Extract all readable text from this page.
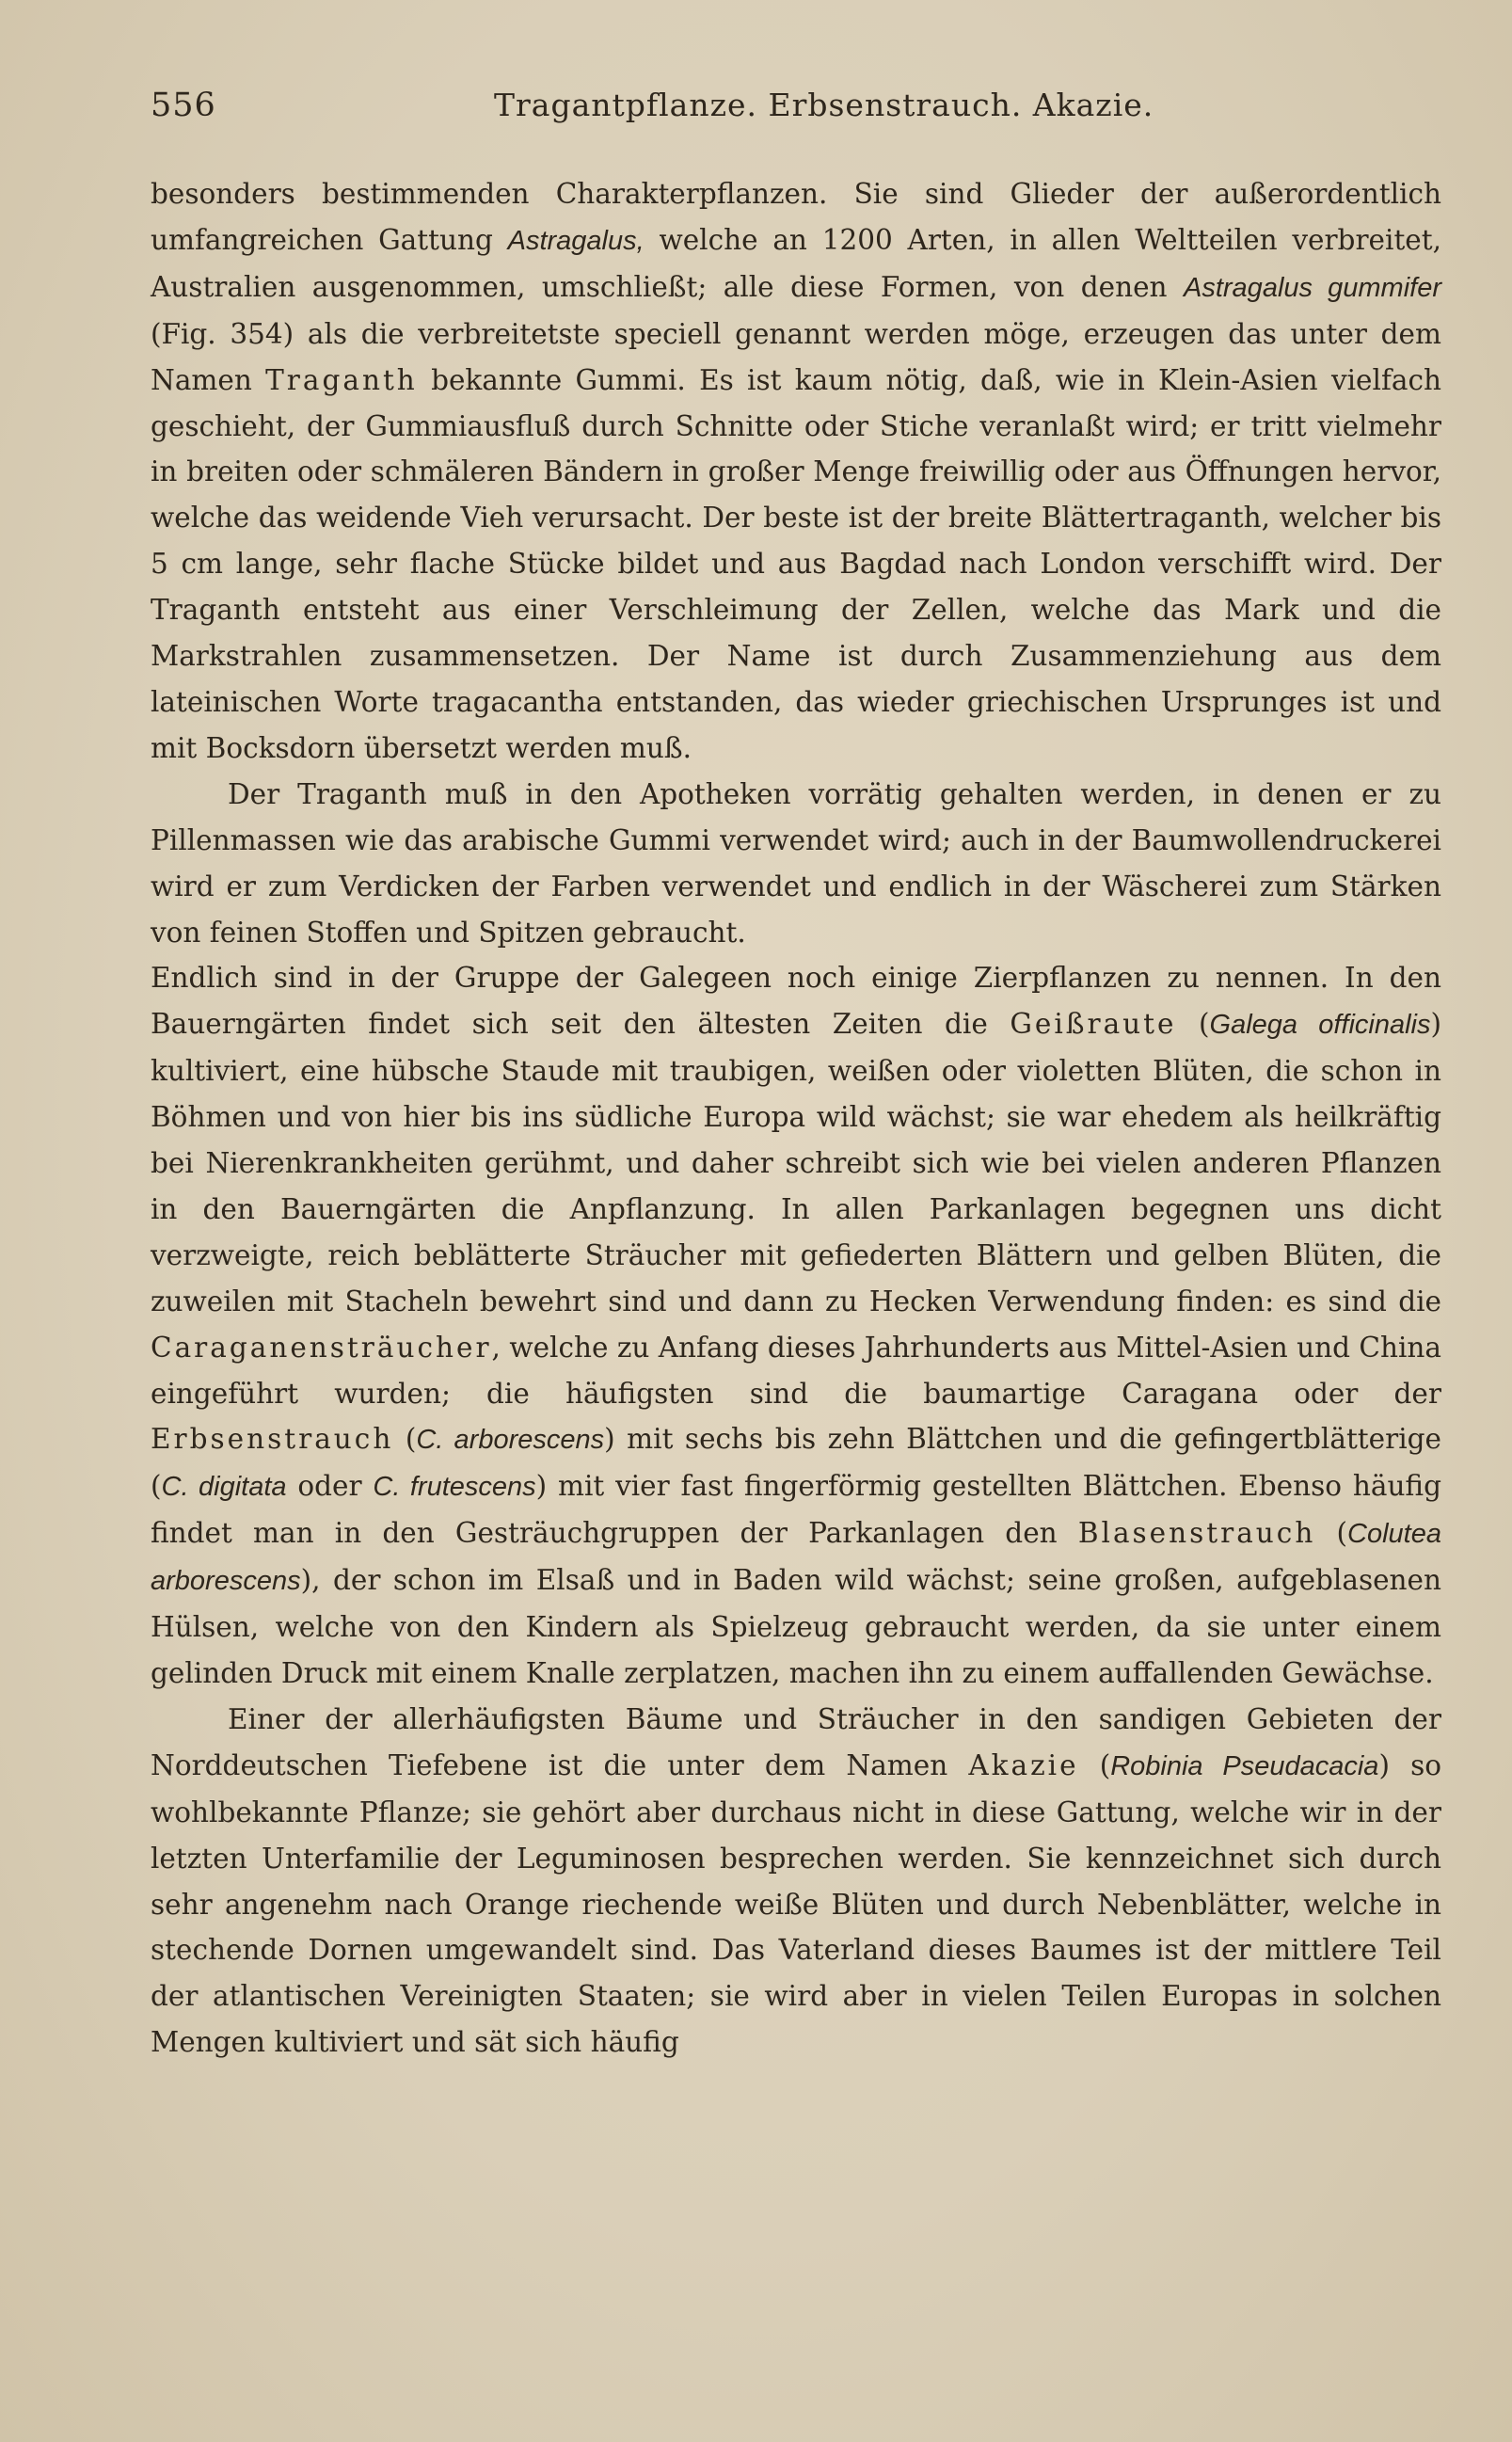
556	Tragantpflanze. Erbsenstrauch. Akazie.

besonders bestimmenden Charakterpflanzen. Sie sind Glieder der außerordentlich umfangreichen Gattung Astragalus, welche an 1200 Arten, in allen Weltteilen verbreitet, Australien ausgenommen, umschließt; alle diese Formen, von denen Astragalus gummifer (Fig. 354) als die verbreitetste speciell genannt werden möge, erzeugen das unter dem Namen Traganth bekannte Gummi. Es ist kaum nötig, daß, wie in Klein-Asien vielfach geschieht, der Gummiausfluß durch Schnitte oder Stiche veranlaßt wird; er tritt vielmehr in breiten oder schmäleren Bändern in großer Menge freiwillig oder aus Öffnungen hervor, welche das weidende Vieh verursacht. Der beste ist der breite Blättertraganth, welcher bis 5 cm lange, sehr flache Stücke bildet und aus Bagdad nach London verschifft wird. Der Traganth entsteht aus einer Verschleimung der Zellen, welche das Mark und die Markstrahlen zusammensetzen. Der Name ist durch Zusammenziehung aus dem lateinischen Worte tragacantha entstanden, das wieder griechischen Ursprunges ist und mit Bocksdorn übersetzt werden muß.

Der Traganth muß in den Apotheken vorrätig gehalten werden, in denen er zu Pillenmassen wie das arabische Gummi verwendet wird; auch in der Baumwollendruckerei wird er zum Verdicken der Farben verwendet und endlich in der Wäscherei zum Stärken von feinen Stoffen und Spitzen gebraucht.

Endlich sind in der Gruppe der Galegeen noch einige Zierpflanzen zu nennen. In den Bauerngärten findet sich seit den ältesten Zeiten die Geißraute (Galega officinalis) kultiviert, eine hübsche Staude mit traubigen, weißen oder violetten Blüten, die schon in Böhmen und von hier bis ins südliche Europa wild wächst; sie war ehedem als heilkräftig bei Nierenkrankheiten gerühmt, und daher schreibt sich wie bei vielen anderen Pflanzen in den Bauerngärten die Anpflanzung. In allen Parkanlagen begegnen uns dicht verzweigte, reich beblätterte Sträucher mit gefiederten Blättern und gelben Blüten, die zuweilen mit Stacheln bewehrt sind und dann zu Hecken Verwendung finden: es sind die Caraganensträucher, welche zu Anfang dieses Jahrhunderts aus Mittel-Asien und China eingeführt wurden; die häufigsten sind die baumartige Caragana oder der Erbsenstrauch (C. arborescens) mit sechs bis zehn Blättchen und die gefingertblätterige (C. digitata oder C. frutescens) mit vier fast fingerförmig gestellten Blättchen. Ebenso häufig findet man in den Gesträuchgruppen der Parkanlagen den Blasenstrauch (Colutea arborescens), der schon im Elsaß und in Baden wild wächst; seine großen, aufgeblasenen Hülsen, welche von den Kindern als Spielzeug gebraucht werden, da sie unter einem gelinden Druck mit einem Knalle zerplatzen, machen ihn zu einem auffallenden Gewächse.

Einer der allerhäufigsten Bäume und Sträucher in den sandigen Gebieten der Norddeutschen Tiefebene ist die unter dem Namen Akazie (Robinia Pseudacacia) so wohlbekannte Pflanze; sie gehört aber durchaus nicht in diese Gattung, welche wir in der letzten Unterfamilie der Leguminosen besprechen werden. Sie kennzeichnet sich durch sehr angenehm nach Orange riechende weiße Blüten und durch Nebenblätter, welche in stechende Dornen umgewandelt sind. Das Vaterland dieses Baumes ist der mittlere Teil der atlantischen Vereinigten Staaten; sie wird aber in vielen Teilen Europas in solchen Mengen kultiviert und sät sich häufig
